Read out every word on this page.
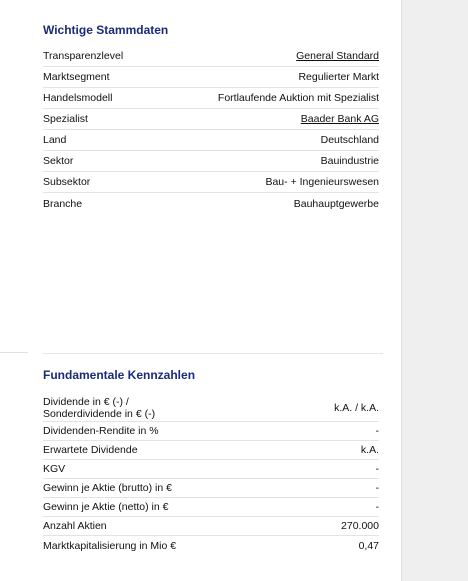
Wichtige Stammdaten
Transparenzlevel	General Standard
Marktsegment	Regulierter Markt
Handelsmodell	Fortlaufende Auktion mit Spezialist
Spezialist	Baader Bank AG
Land	Deutschland
Sektor	Bauindustrie
Subsektor	Bau- + Ingenieurswesen
Branche	Bauhauptgewerbe
Fundamentale Kennzahlen
Dividende in € (-) /
Sonderdividende in € (-)	k.A. / k.A.
Dividenden-Rendite in %	-
Erwartete Dividende	k.A.
KGV	-
Gewinn je Aktie (brutto) in €	-
Gewinn je Aktie (netto) in €	-
Anzahl Aktien	270.000
Marktkapitalisierung in Mio €	0,47
